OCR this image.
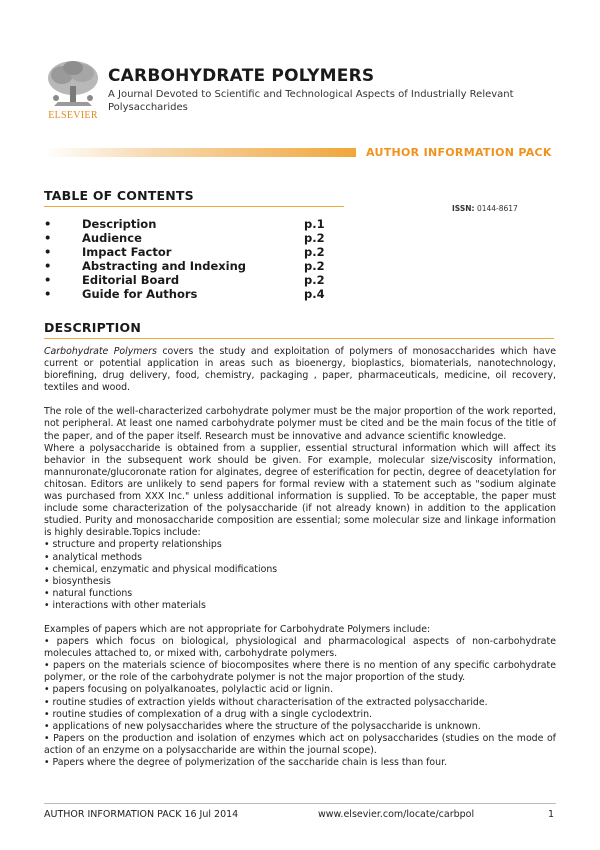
ELSEVIER
CARBOHYDRATE POLYMERS
A Journal Devoted to Scientific and Technological Aspects of Industrially Relevant Polysaccharides
AUTHOR INFORMATION PACK
TABLE OF CONTENTS
ISSN: 0144-8617
•	Description	p.1
•	Audience	p.2
•	Impact Factor	p.2
•	Abstracting and Indexing	p.2
•	Editorial Board	p.2
•	Guide for Authors	p.4
DESCRIPTION

Carbohydrate Polymers covers the study and exploitation of polymers of monosaccharides which have current or potential application in areas such as bioenergy, bioplastics, biomaterials, nanotechnology, biorefining, drug delivery, food, chemistry, packaging , paper, pharmaceuticals, medicine, oil recovery, textiles and wood.

The role of the well-characterized carbohydrate polymer must be the major proportion of the work reported, not peripheral. At least one named carbohydrate polymer must be cited and be the main focus of the title of the paper, and of the paper itself. Research must be innovative and advance scientific knowledge.

Where a polysaccharide is obtained from a supplier, essential structural information which will affect its behavior in the subsequent work should be given. For example, molecular size/viscosity information, mannuronate/glucoronate ration for alginates, degree of esterification for pectin, degree of deacetylation for chitosan. Editors are unlikely to send papers for formal review with a statement such as "sodium alginate was purchased from XXX Inc." unless additional information is supplied. To be acceptable, the paper must include some characterization of the polysaccharide (if not already known) in addition to the application studied. Purity and monosaccharide composition are essential; some molecular size and linkage information is highly desirable.Topics include:

• structure and property relationships
• analytical methods
• chemical, enzymatic and physical modifications
• biosynthesis
• natural functions
• interactions with other materials

Examples of papers which are not appropriate for Carbohydrate Polymers include:

• papers which focus on biological, physiological and pharmacological aspects of non-carbohydrate molecules attached to, or mixed with, carbohydrate polymers.
• papers on the materials science of biocomposites where there is no mention of any specific carbohydrate polymer, or the role of the carbohydrate polymer is not the major proportion of the study.
• papers focusing on polyalkanoates, polylactic acid or lignin.
• routine studies of extraction yields without characterisation of the extracted polysaccharide.
• routine studies of complexation of a drug with a single cyclodextrin.
• applications of new polysaccharides where the structure of the polysaccharide is unknown.
• Papers on the production and isolation of enzymes which act on polysaccharides (studies on the mode of action of an enzyme on a polysaccharide are within the journal scope).
• Papers where the degree of polymerization of the saccharide chain is less than four.
AUTHOR INFORMATION PACK 16 Jul 2014	www.elsevier.com/locate/carbpol	1
